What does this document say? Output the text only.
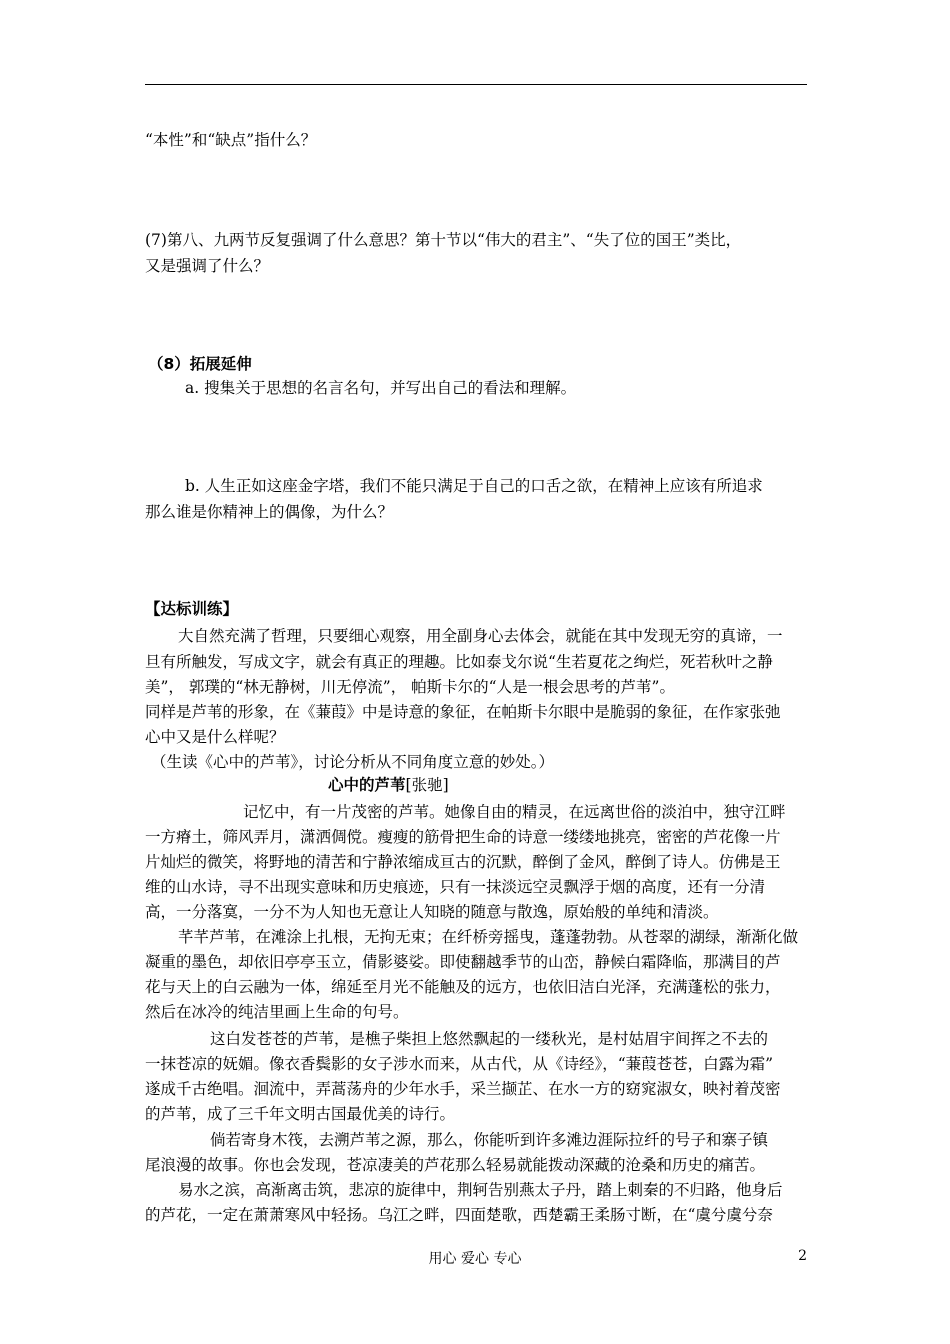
“本性”和“缺点”指什么？
(7)第八、九两节反复强调了什么意思？第十节以“伟大的君主”、“失了位的国王”类比，
又是强调了什么？
（8）拓展延伸
a. 搜集关于思想的名言名句，并写出自己的看法和理解。
b. 人生正如这座金字塔，我们不能只满足于自己的口舌之欲，在精神上应该有所追求
那么谁是你精神上的偶像，为什么？
【达标训练】
大自然充满了哲理，只要细心观察，用全副身心去体会，就能在其中发现无穷的真谛，一
旦有所触发，写成文字，就会有真正的理趣。比如泰戈尔说“生若夏花之绚烂，死若秋叶之静
美”， 郭璞的“林无静树，川无停流”， 帕斯卡尔的“人是一根会思考的芦苇”。
同样是芦苇的形象，在《蒹葭》中是诗意的象征，在帕斯卡尔眼中是脆弱的象征，在作家张弛
心中又是什么样呢？
（生读《心中的芦苇》，讨论分析从不同角度立意的妙处。）
心中的芦苇[张驰]
记忆中，有一片茂密的芦苇。她像自由的精灵，在远离世俗的淡泊中，独守江畔
一方瘠土，筛风弄月，潇洒倜傥。瘦瘦的筋骨把生命的诗意一缕缕地挑亮，密密的芦花像一片
片灿烂的微笑，将野地的清苦和宁静浓缩成亘古的沉默，醉倒了金风，醉倒了诗人。仿佛是王
维的山水诗，寻不出现实意味和历史痕迹，只有一抹淡远空灵飘浮于烟的高度，还有一分清
高，一分落寞，一分不为人知也无意让人知晓的随意与散逸，原始般的单纯和清淡。
芊芊芦苇，在滩涂上扎根，无拘无束；在纤桥旁摇曳，蓬蓬勃勃。从苍翠的湖绿，渐渐化做
凝重的墨色，却依旧亭亭玉立，倩影婆娑。即使翻越季节的山峦，静候白霜降临，那满目的芦
花与天上的白云融为一体，绵延至月光不能触及的远方，也依旧洁白光泽，充满蓬松的张力，
然后在冰冷的纯洁里画上生命的句号。
这白发苍苍的芦苇，是樵子柴担上悠然飘起的一缕秋光，是村姑眉宇间挥之不去的
一抹苍凉的妩媚。像衣香鬓影的女子涉水而来，从古代，从《诗经》，“蒹葭苍苍，白露为霜”
遂成千古绝唱。洄流中，弄蒿荡舟的少年水手，采兰撷芷、在水一方的窈窕淑女，映衬着茂密
的芦苇，成了三千年文明古国最优美的诗行。
倘若寄身木筏，去溯芦苇之源，那么，你能听到许多滩边涯际拉纤的号子和寨子镇
尾浪漫的故事。你也会发现，苍凉凄美的芦花那么轻易就能拨动深藏的沧桑和历史的痛苦。
易水之滨，高渐离击筑，悲凉的旋律中，荆轲告别燕太子丹，踏上刺秦的不归路，他身后
的芦花，一定在萧萧寒风中轻扬。乌江之畔，四面楚歌，西楚霸王柔肠寸断，在“虞兮虞兮奈
用心 爱心 专心	2
